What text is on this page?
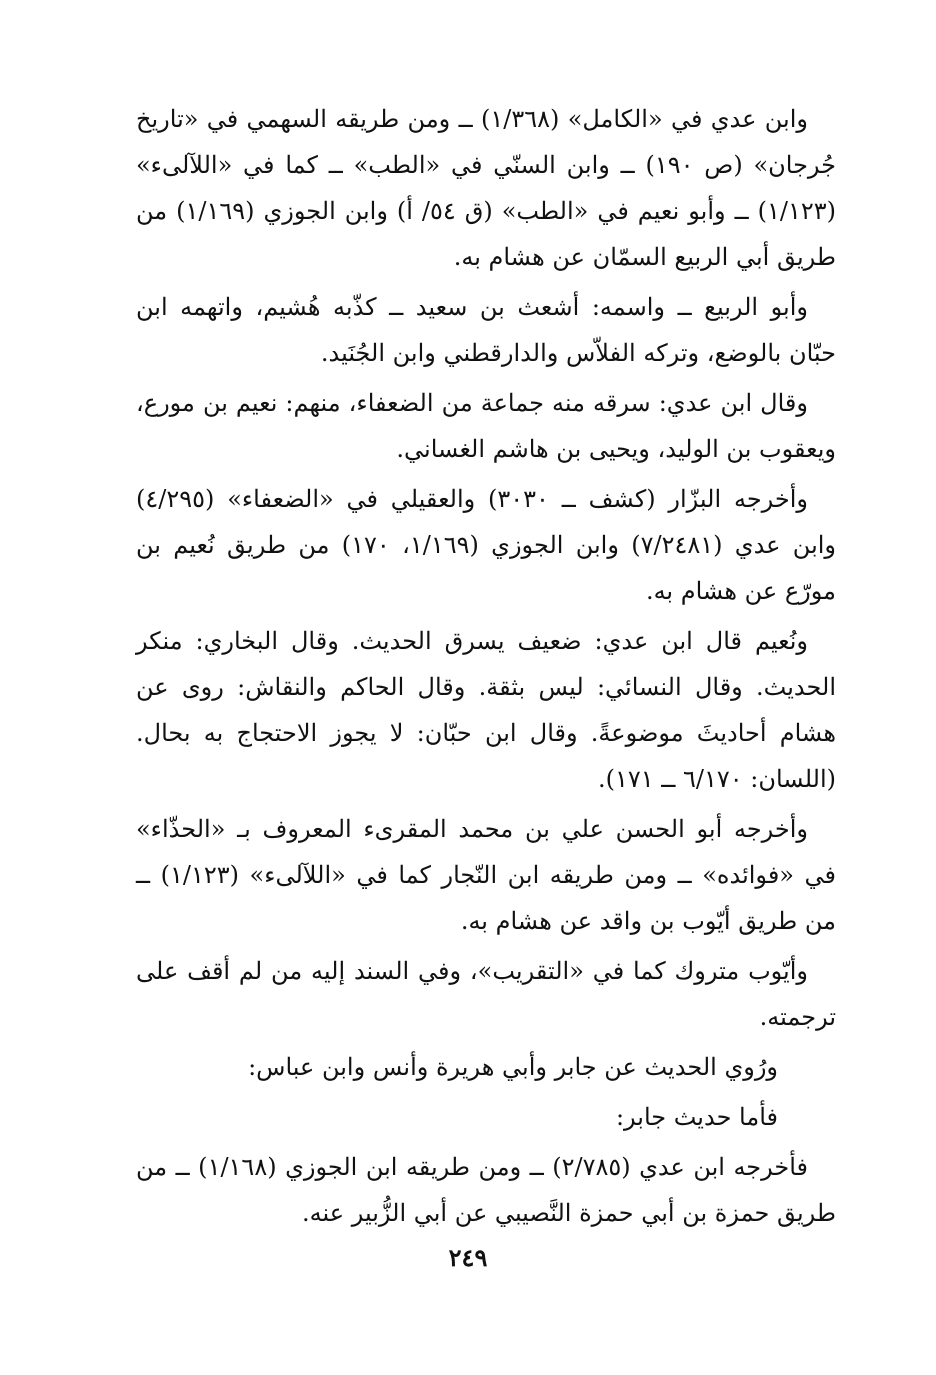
وابن عدي في «الكامل» (١/٣٦٨) ــ ومن طريقه السهمي في «تاريخ جُرجان» (ص ١٩٠) ــ وابن السنّي في «الطب» ــ كما في «اللآلىء» (١/١٢٣) ــ وأبو نعيم في «الطب» (ق ٥٤/ أ) وابن الجوزي (١/١٦٩) من طريق أبي الربيع السمّان عن هشام به.

وأبو الربيع ــ واسمه: أشعث بن سعيد ــ كذّبه هُشيم، واتهمه ابن حبّان بالوضع، وتركه الفلاّس والدارقطني وابن الجُنَيد.

وقال ابن عدي: سرقه منه جماعة من الضعفاء، منهم: نعيم بن مورع، ويعقوب بن الوليد، ويحيى بن هاشم الغساني.

وأخرجه البزّار (كشف ــ ٣٠٣٠) والعقيلي في «الضعفاء» (٤/٢٩٥) وابن عدي (٧/٢٤٨١) وابن الجوزي (١/١٦٩، ١٧٠) من طريق نُعيم بن مورّع عن هشام به.

ونُعيم قال ابن عدي: ضعيف يسرق الحديث. وقال البخاري: منكر الحديث. وقال النسائي: ليس بثقة. وقال الحاكم والنقاش: روى عن هشام أحاديثَ موضوعةً. وقال ابن حبّان: لا يجوز الاحتجاج به بحال. (اللسان: ٦/١٧٠ ــ ١٧١).

وأخرجه أبو الحسن علي بن محمد المقرىء المعروف بـ «الحذّاء» في «فوائده» ــ ومن طريقه ابن النّجار كما في «اللآلىء» (١/١٢٣) ــ من طريق أيّوب بن واقد عن هشام به.

وأيّوب متروك كما في «التقريب»، وفي السند إليه من لم أقف على ترجمته.

ورُوي الحديث عن جابر وأبي هريرة وأنس وابن عباس:

فأما حديث جابر:

فأخرجه ابن عدي (٢/٧٨٥) ــ ومن طريقه ابن الجوزي (١/١٦٨) ــ من طريق حمزة بن أبي حمزة النَّصيبي عن أبي الزُّبير عنه.

٢٤٩
